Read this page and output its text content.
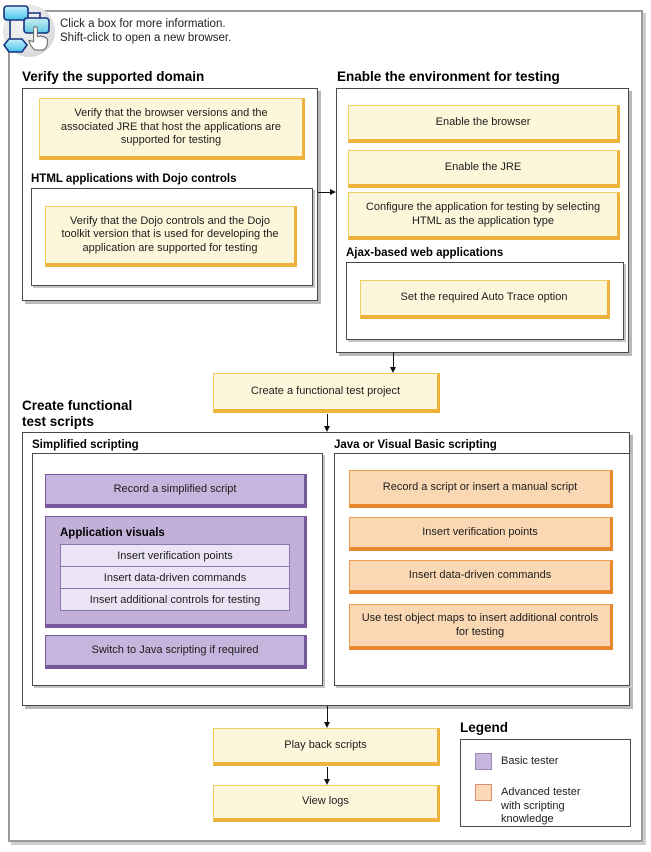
Click a box for more information.
Shift-click to open a new browser.
Verify the supported domain
Verify that the browser versions and the associated JRE that host the applications are supported for testing
HTML applications with Dojo controls
Verify that the Dojo controls and the Dojo toolkit version that is used for developing the application are supported for testing
Enable the environment for testing
Enable the browser
Enable the JRE
Configure the application for testing by selecting HTML as the application type
Ajax-based web applications
Set the required Auto Trace option
Create a functional test project
Create functional test scripts
Simplified scripting
Record a simplified script
Application visuals
Insert verification points
Insert data-driven commands
Insert additional controls for testing
Switch to Java scripting if required
Java or Visual Basic scripting
Record a script or insert a manual script
Insert verification points
Insert data-driven commands
Use test object maps to insert additional controls for testing
Play back scripts
View logs
Legend
Basic tester
Advanced tester with scripting knowledge
